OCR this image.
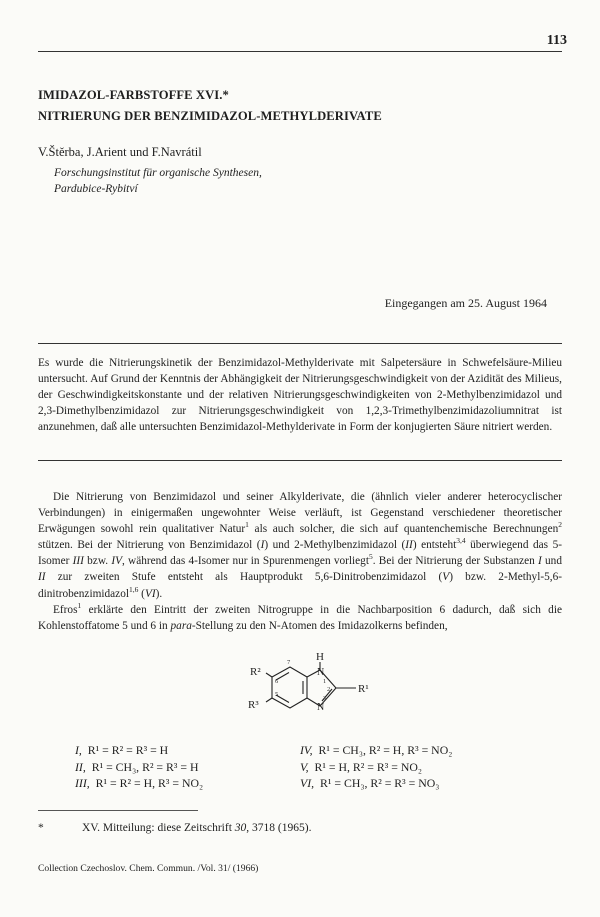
113
IMIDAZOL-FARBSTOFFE XVI.*
NITRIERUNG DER BENZIMIDAZOL-METHYLDERIVATE
V.Štěrba, J.Arient und F.Navrátil
Forschungsinstitut für organische Synthesen,
Pardubice-Rybitví
Eingegangen am 25. August 1964
Es wurde die Nitrierungskinetik der Benzimidazol-Methylderivate mit Salpetersäure in Schwefelsäure-Milieu untersucht. Auf Grund der Kenntnis der Abhängigkeit der Nitrierungsgeschwindigkeit von der Azidität des Milieus, der Geschwindigkeitskonstante und der relativen Nitrierungsgeschwindigkeiten von 2-Methylbenzimidazol und 2,3-Dimethylbenzimidazol zur Nitrierungsgeschwindigkeit von 1,2,3-Trimethylbenzimidazoliumnitrat ist anzunehmen, daß alle untersuchten Benzimidazol-Methylderivate in Form der konjugierten Säure nitriert werden.

Die Nitrierung von Benzimidazol und seiner Alkylderivate, die (ähnlich vieler anderer heterocyclischer Verbindungen) in einigermaßen ungewohnter Weise verläuft, ist Gegenstand verschiedener theoretischer Erwägungen sowohl rein qualitativer Natur$^1$ als auch solcher, die sich auf quantenchemische Berechnungen$^2$ stützen. Bei der Nitrierung von Benzimidazol (I) und 2-Methylbenzimidazol (II) entsteht$^{3,4}$ überwiegend das 5-Isomer III bzw. IV, während das 4-Isomer nur in Spurenmengen vorliegt$^5$. Bei der Nitrierung der Substanzen I und II zur zweiten Stufe entsteht als Hauptprodukt 5,6-Dinitrobenzimidazol (V) bzw. 2-Methyl-5,6-dinitrobenzimidazol$^{1,6}$ (VI).

Efros$^1$ erklärte den Eintritt der zweiten Nitrogruppe in die Nachbarposition 6 dadurch, daß sich die Kohlenstoffatome 5 und 6 in para-Stellung zu den N-Atomen des Imidazolkerns befinden,

H
N
N
R¹
R²
R³
1
2
3
5
6
7
I, R¹ = R² = R³ = H
II, R¹ = CH₃, R² = R³ = H
III, R¹ = R² = H, R³ = NO₂
IV, R¹ = CH₃, R² = H, R³ = NO₂
V, R¹ = H, R² = R³ = NO₂
VI, R¹ = CH₃, R² = R³ = NO₃
*	XV. Mitteilung: diese Zeitschrift 30, 3718 (1965).
Collection Czechoslov. Chem. Commun. /Vol. 31/ (1966)
